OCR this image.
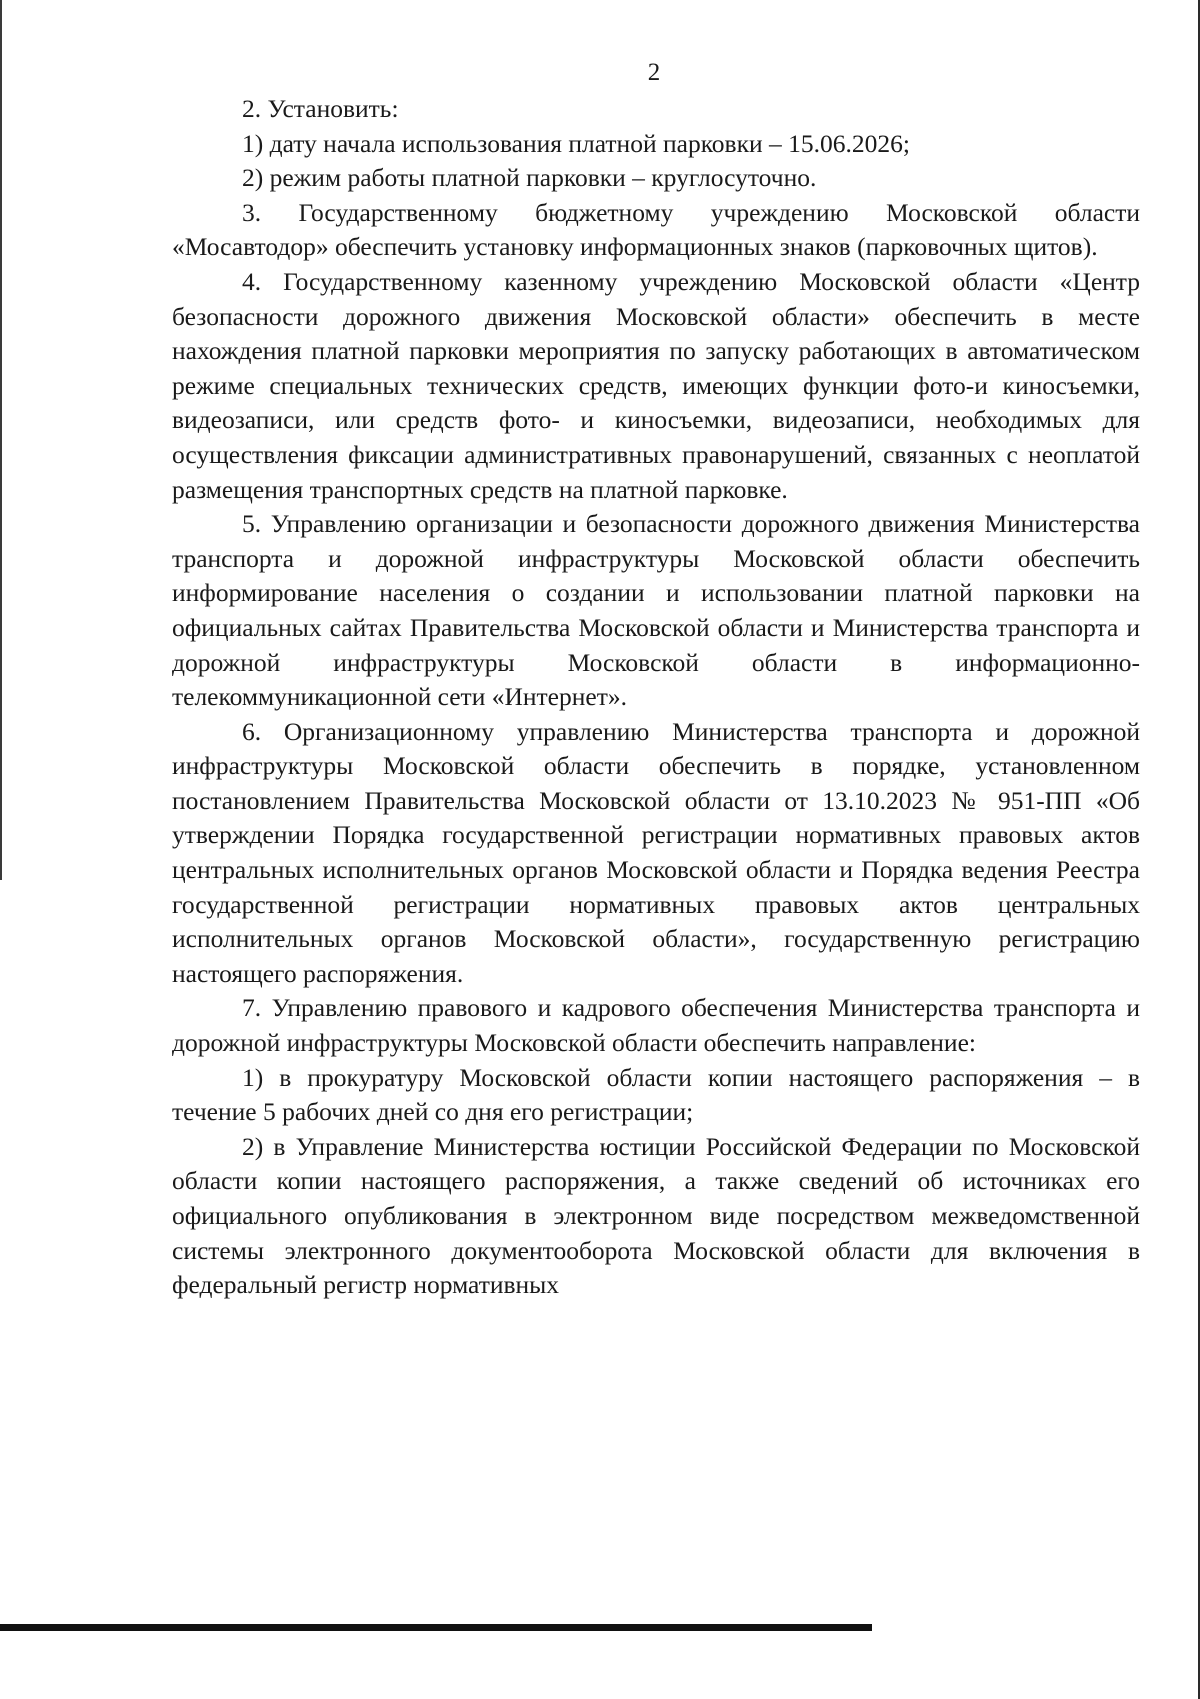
2

2. Установить:

1) дату начала использования платной парковки – 15.06.2026;

2) режим работы платной парковки – круглосуточно.

3. Государственному бюджетному учреждению Московской области «Мосавтодор» обеспечить установку информационных знаков (парковочных щитов).

4. Государственному казенному учреждению Московской области «Центр безопасности дорожного движения Московской области» обеспечить в месте нахождения платной парковки мероприятия по запуску работающих в автоматическом режиме специальных технических средств, имеющих функции фото-и киносъемки, видеозаписи, или средств фото- и киносъемки, видеозаписи, необходимых для осуществления фиксации административных правонарушений, связанных с неоплатой размещения транспортных средств на платной парковке.

5. Управлению организации и безопасности дорожного движения Министерства транспорта и дорожной инфраструктуры Московской области обеспечить информирование населения о создании и использовании платной парковки на официальных сайтах Правительства Московской области и Министерства транспорта и дорожной инфраструктуры Московской области в информационно-телекоммуникационной сети «Интернет».

6. Организационному управлению Министерства транспорта и дорожной инфраструктуры Московской области обеспечить в порядке, установленном постановлением Правительства Московской области от 13.10.2023 № 951-ПП «Об утверждении Порядка государственной регистрации нормативных правовых актов центральных исполнительных органов Московской области и Порядка ведения Реестра государственной регистрации нормативных правовых актов центральных исполнительных органов Московской области», государственную регистрацию настоящего распоряжения.

7. Управлению правового и кадрового обеспечения Министерства транспорта и дорожной инфраструктуры Московской области обеспечить направление:

1) в прокуратуру Московской области копии настоящего распоряжения – в течение 5 рабочих дней со дня его регистрации;

2) в Управление Министерства юстиции Российской Федерации по Московской области копии настоящего распоряжения, а также сведений об источниках его официального опубликования в электронном виде посредством межведомственной системы электронного документооборота Московской области для включения в федеральный регистр нормативных
